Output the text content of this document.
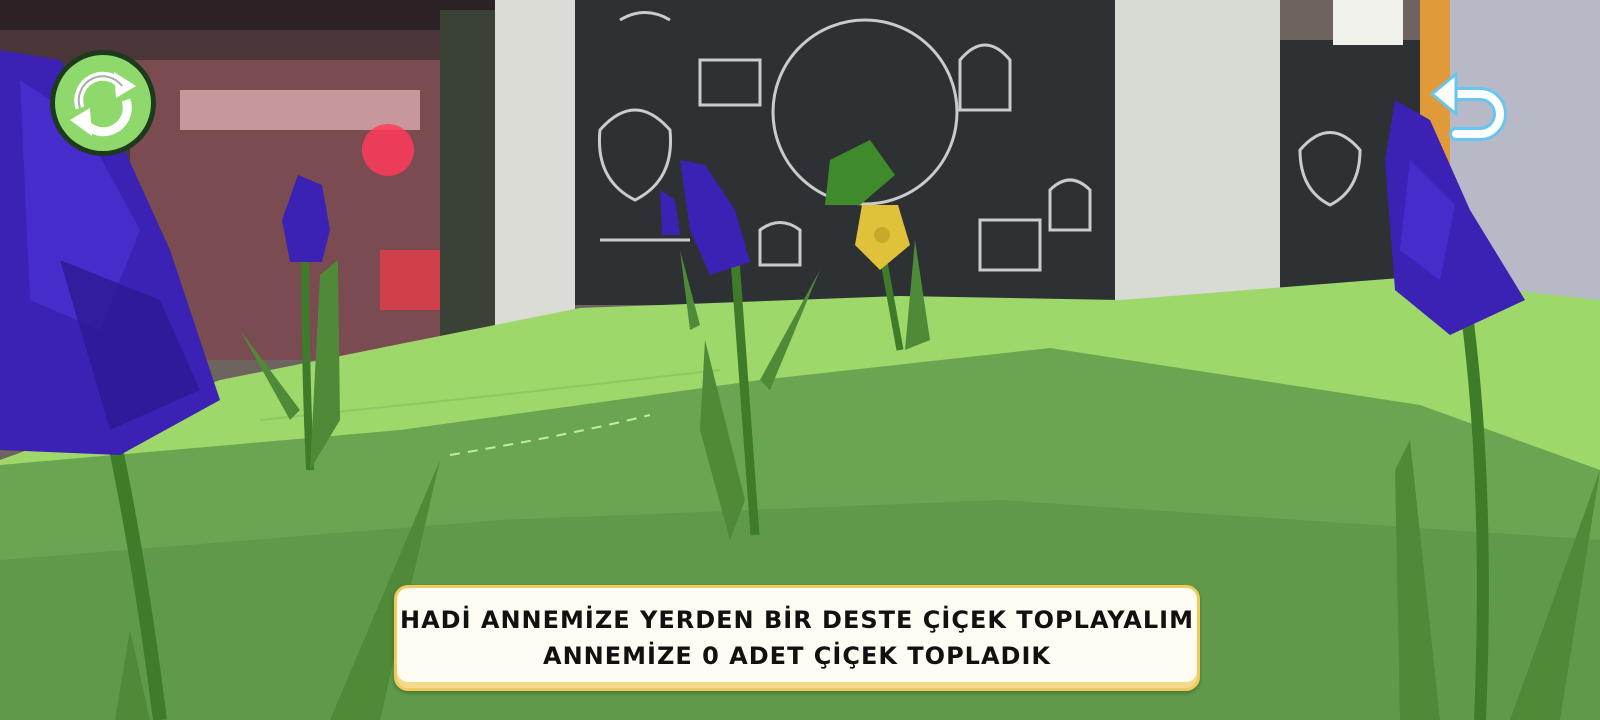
HADİ ANNEMİZE YERDEN BİR DESTE ÇİÇEK TOPLAYALIM
ANNEMİZE 0 ADET ÇİÇEK TOPLADIK
